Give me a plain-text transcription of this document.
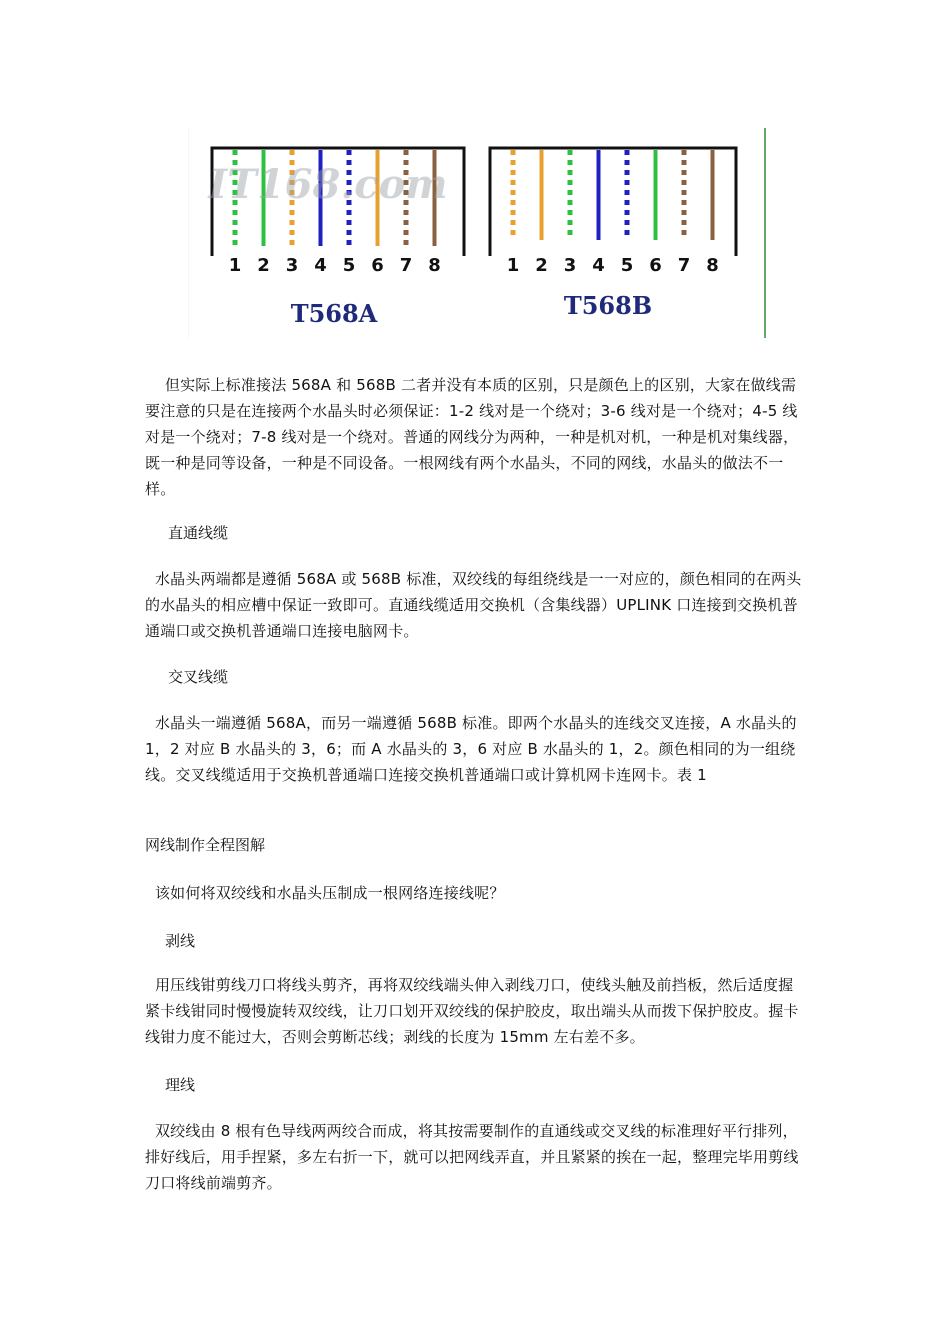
IT168.com
1 2 3 4 5 6 7 8	1 2 3 4 5 6 7 8
T568A	T568B

但实际上标准接法 568A 和 568B 二者并没有本质的区别，只是颜色上的区别，大家在做线需要注意的只是在连接两个水晶头时必须保证：1-2 线对是一个绕对；3-6 线对是一个绕对；4-5 线对是一个绕对；7-8 线对是一个绕对。普通的网线分为两种，一种是机对机，一种是机对集线器，既一种是同等设备，一种是不同设备。一根网线有两个水晶头，不同的网线，水晶头的做法不一样。

直通线缆

水晶头两端都是遵循 568A 或 568B 标准，双绞线的每组绕线是一一对应的，颜色相同的在两头的水晶头的相应槽中保证一致即可。直通线缆适用交换机（含集线器）UPLINK 口连接到交换机普通端口或交换机普通端口连接电脑网卡。

交叉线缆

水晶头一端遵循 568A，而另一端遵循 568B 标准。即两个水晶头的连线交叉连接，A 水晶头的 1，2 对应 B 水晶头的 3，6；而 A 水晶头的 3，6 对应 B 水晶头的 1，2。颜色相同的为一组绕线。交叉线缆适用于交换机普通端口连接交换机普通端口或计算机网卡连网卡。表 1

网线制作全程图解

该如何将双绞线和水晶头压制成一根网络连接线呢？

剥线

用压线钳剪线刀口将线头剪齐，再将双绞线端头伸入剥线刀口，使线头触及前挡板，然后适度握紧卡线钳同时慢慢旋转双绞线，让刀口划开双绞线的保护胶皮，取出端头从而拨下保护胶皮。握卡线钳力度不能过大，否则会剪断芯线；剥线的长度为 15mm 左右差不多。

理线

双绞线由 8 根有色导线两两绞合而成，将其按需要制作的直通线或交叉线的标准理好平行排列，排好线后，用手捏紧，多左右折一下，就可以把网线弄直，并且紧紧的挨在一起，整理完毕用剪线刀口将线前端剪齐。
